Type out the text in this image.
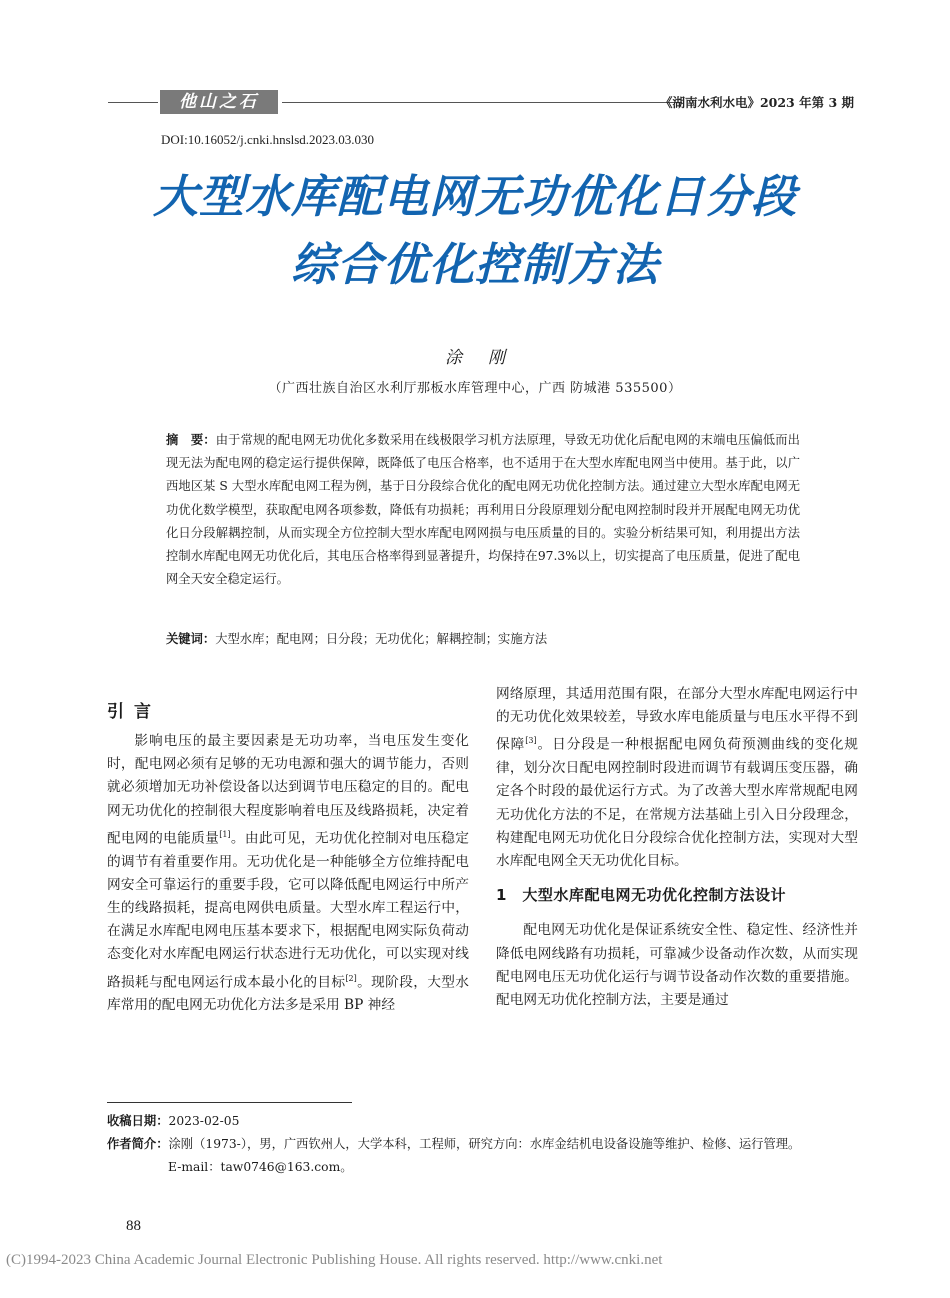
他山之石	《湖南水利水电》2023 年第 3 期
DOI:10.16052/j.cnki.hnslsd.2023.03.030
大型水库配电网无功优化日分段
综合优化控制方法
涂刚
（广西壮族自治区水利厅那板水库管理中心，广西 防城港 535500）
摘　要：由于常规的配电网无功优化多数采用在线极限学习机方法原理，导致无功优化后配电网的末端电压偏低而出现无法为配电网的稳定运行提供保障，既降低了电压合格率，也不适用于在大型水库配电网当中使用。基于此，以广西地区某 S 大型水库配电网工程为例，基于日分段综合优化的配电网无功优化控制方法。通过建立大型水库配电网无功优化数学模型，获取配电网各项参数，降低有功损耗；再利用日分段原理划分配电网控制时段并开展配电网无功优化日分段解耦控制，从而实现全方位控制大型水库配电网网损与电压质量的目的。实验分析结果可知，利用提出方法控制水库配电网无功优化后，其电压合格率得到显著提升，均保持在97.3%以上，切实提高了电压质量，促进了配电网全天安全稳定运行。
关键词：大型水库；配电网；日分段；无功优化；解耦控制；实施方法
引言

影响电压的最主要因素是无功功率，当电压发生变化时，配电网必须有足够的无功电源和强大的调节能力，否则就必须增加无功补偿设备以达到调节电压稳定的目的。配电网无功优化的控制很大程度影响着电压及线路损耗，决定着配电网的电能质量[1]。由此可见，无功优化控制对电压稳定的调节有着重要作用。无功优化是一种能够全方位维持配电网安全可靠运行的重要手段，它可以降低配电网运行中所产生的线路损耗，提高电网供电质量。大型水库工程运行中，在满足水库配电网电压基本要求下，根据配电网实际负荷动态变化对水库配电网运行状态进行无功优化，可以实现对线路损耗与配电网运行成本最小化的目标[2]。现阶段，大型水库常用的配电网无功优化方法多是采用 BP 神经

网络原理，其适用范围有限，在部分大型水库配电网运行中的无功优化效果较差，导致水库电能质量与电压水平得不到保障[3]。日分段是一种根据配电网负荷预测曲线的变化规律，划分次日配电网控制时段进而调节有载调压变压器，确定各个时段的最优运行方式。为了改善大型水库常规配电网无功优化方法的不足，在常规方法基础上引入日分段理念，构建配电网无功优化日分段综合优化控制方法，实现对大型水库配电网全天无功优化目标。

1　大型水库配电网无功优化控制方法设计

配电网无功优化是保证系统安全性、稳定性、经济性并降低电网线路有功损耗，可靠减少设备动作次数，从而实现配电网电压无功优化运行与调节设备动作次数的重要措施。配电网无功优化控制方法，主要是通过

收稿日期：2023-02-05
作者简介：涂刚（1973-），男，广西钦州人，大学本科，工程师，研究方向：水库金结机电设备设施等维护、检修、运行管理。
E-mail：taw0746@163.com。
88
(C)1994-2023 China Academic Journal Electronic Publishing House. All rights reserved. http://www.cnki.net
